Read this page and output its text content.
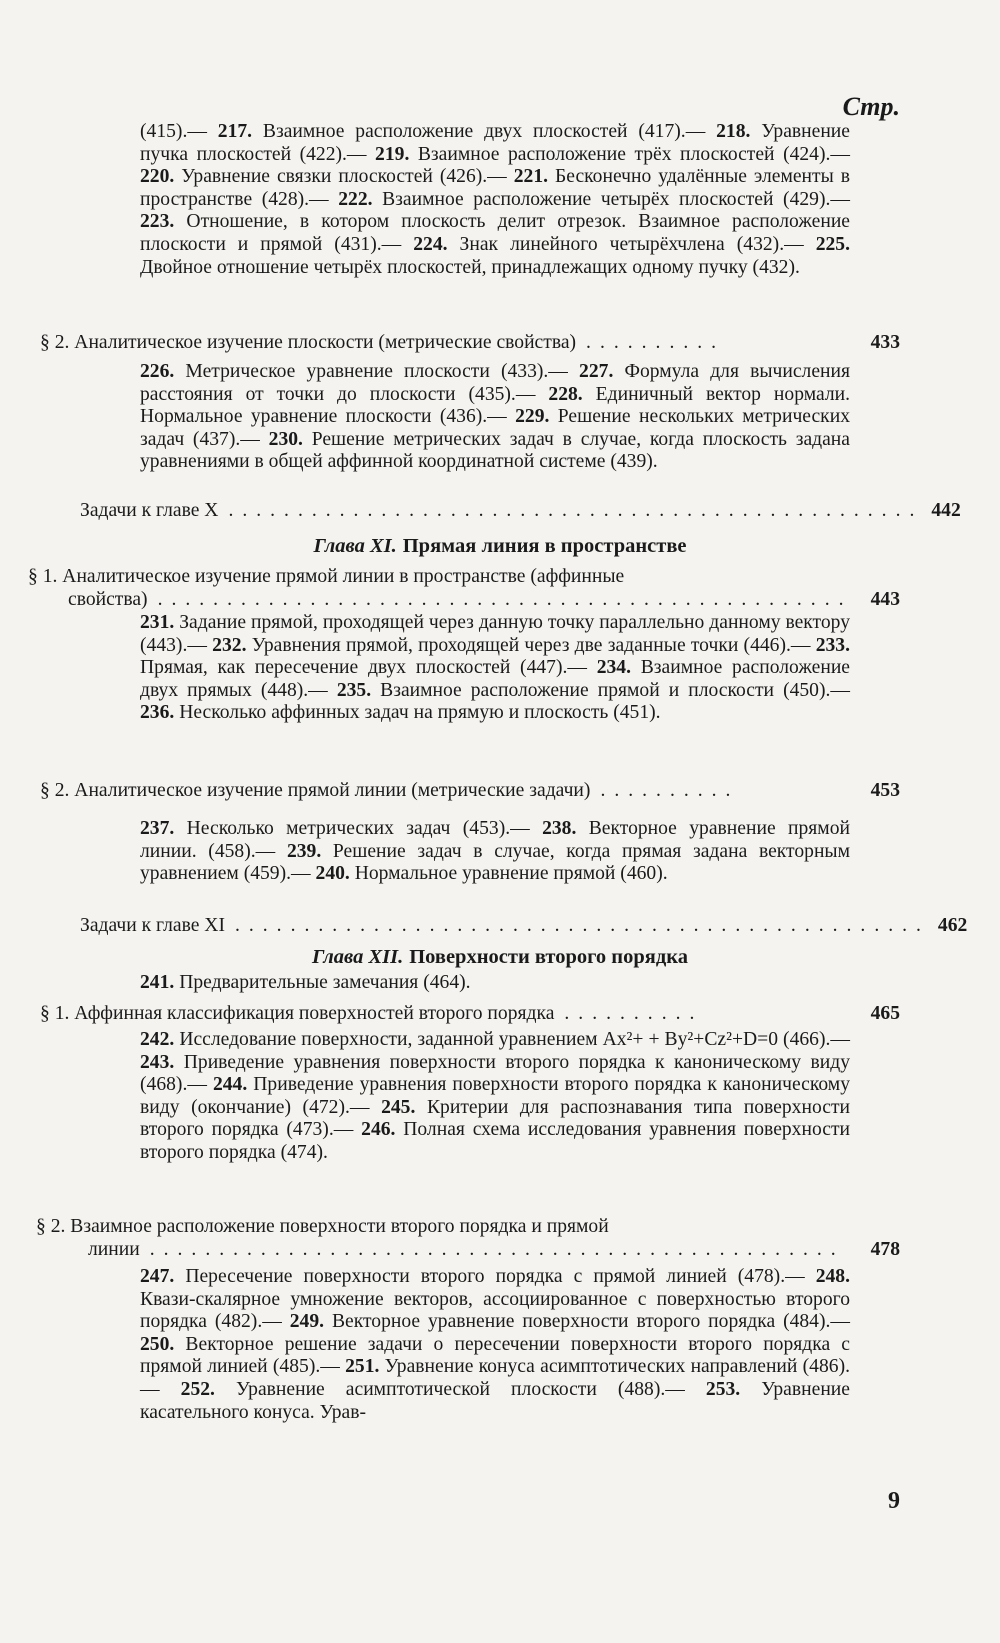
Стр.
(415).— 217. Взаимное расположение двух плоскостей (417).— 218. Уравнение пучка плоскостей (422).— 219. Взаимное расположение трёх плоскостей (424).— 220. Уравнение связки плоскостей (426).— 221. Бесконечно удалённые элементы в пространстве (428).— 222. Взаимное расположение четырёх плоскостей (429).— 223. Отношение, в котором плоскость делит отрезок. Взаимное расположение плоскости и прямой (431).— 224. Знак линейного четырёхчлена (432).— 225. Двойное отношение четырёх плоскостей, принадлежащих одному пучку (432).
§ 2. Аналитическое изучение плоскости (метрические свойства) ..........	433
226. Метрическое уравнение плоскости (433).— 227. Формула для вычисления расстояния от точки до плоскости (435).— 228. Единичный вектор нормали. Нормальное уравнение плоскости (436).— 229. Решение нескольких метрических задач (437).— 230. Решение метрических задач в случае, когда плоскость задана уравнениями в общей аффинной координатной системе (439).
Задачи к главе X .................................................. 442
Глава XI. Прямая линия в пространстве
§ 1. Аналитическое изучение прямой линии в пространстве (аффинные
свойства) .................................................. 443
231. Задание прямой, проходящей через данную точку параллельно данному вектору (443).— 232. Уравнения прямой, проходящей через две заданные точки (446).— 233. Прямая, как пересечение двух плоскостей (447).— 234. Взаимное расположение двух прямых (448).— 235. Взаимное расположение прямой и плоскости (450).— 236. Несколько аффинных задач на прямую и плоскость (451).
§ 2. Аналитическое изучение прямой линии (метрические задачи) ..........	453
237. Несколько метрических задач (453).— 238. Векторное уравнение прямой линии. (458).— 239. Решение задач в случае, когда прямая задана векторным уравнением (459).— 240. Нормальное уравнение прямой (460).
Задачи к главе XI .................................................. 462
Глава XII. Поверхности второго порядка
241. Предварительные замечания (464).
§ 1. Аффинная классификация поверхностей второго порядка ..........	465
242. Исследование поверхности, заданной уравнением Ax²+ + By²+Cz²+D=0 (466).— 243. Приведение уравнения поверхности второго порядка к каноническому виду (468).— 244. Приведение уравнения поверхности второго порядка к каноническому виду (окончание) (472).— 245. Критерии для распознавания типа поверхности второго порядка (473).— 246. Полная схема исследования уравнения поверхности второго порядка (474).
§ 2. Взаимное расположение поверхности второго порядка и прямой
линии ..................................................	478
247. Пересечение поверхности второго порядка с прямой линией (478).— 248. Квази-скалярное умножение векторов, ассоциированное с поверхностью второго порядка (482).— 249. Векторное уравнение поверхности второго порядка (484).— 250. Векторное решение задачи о пересечении поверхности второго порядка с прямой линией (485).— 251. Уравнение конуса асимптотических направлений (486).— 252. Уравнение асимптотической плоскости (488).— 253. Уравнение касательного конуса. Урав-
9
